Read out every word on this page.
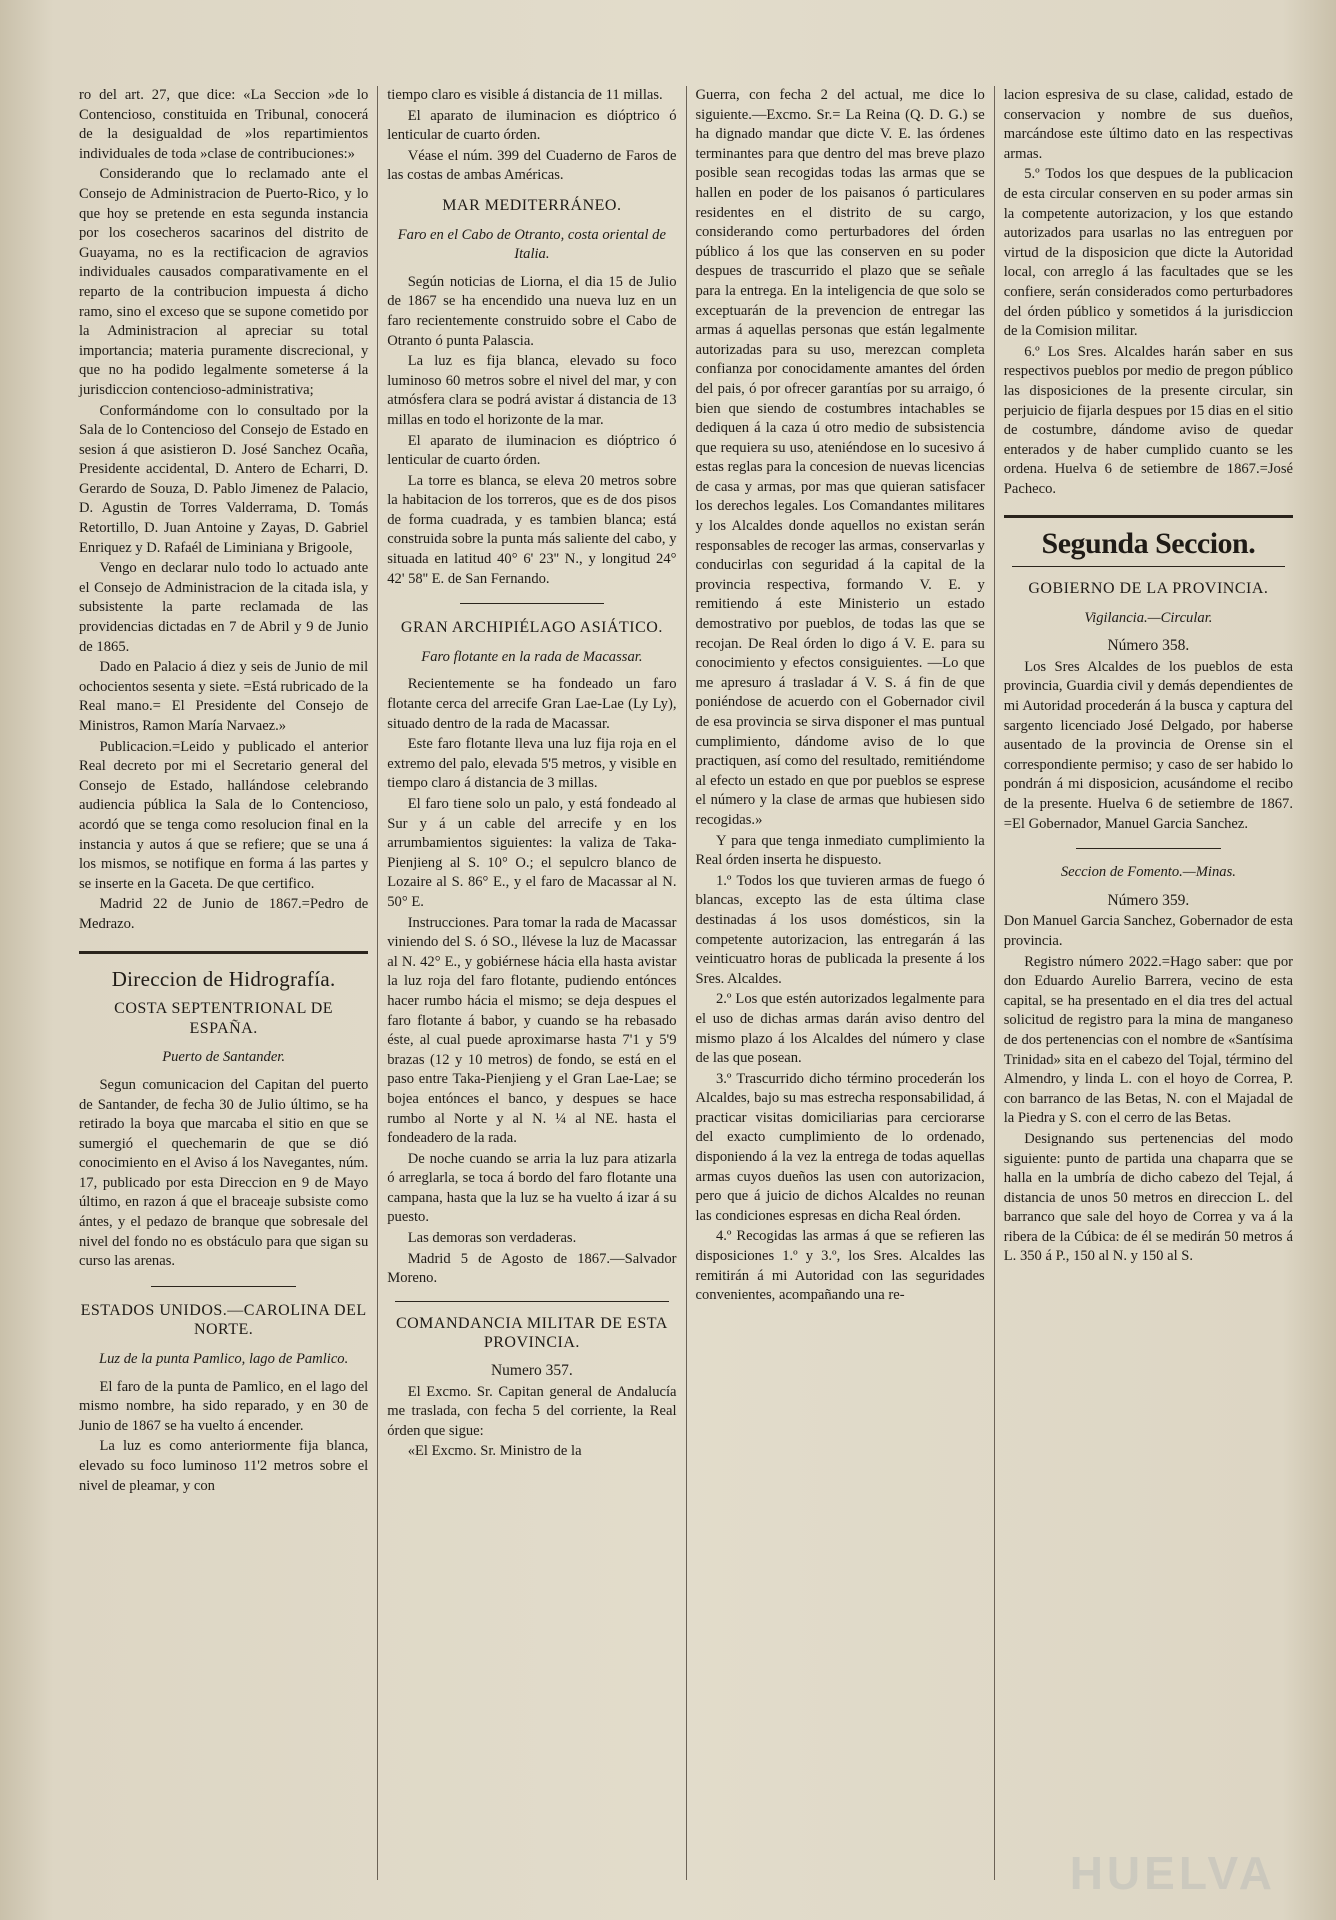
ro del art. 27, que dice: «La Seccion »de lo Contencioso, constituida en Tribunal, conocerá de la desigualdad de »los repartimientos individuales de toda »clase de contribuciones:»

Considerando que lo reclamado ante el Consejo de Administracion de Puerto-Rico, y lo que hoy se pretende en esta segunda instancia por los cosecheros sacarinos del distrito de Guayama, no es la rectificacion de agravios individuales causados comparativamente en el reparto de la contribucion impuesta á dicho ramo, sino el exceso que se supone cometido por la Administracion al apreciar su total importancia; materia puramente discrecional, y que no ha podido legalmente someterse á la jurisdiccion contencioso-administrativa;

Conformándome con lo consultado por la Sala de lo Contencioso del Consejo de Estado en sesion á que asistieron D. José Sanchez Ocaña, Presidente accidental, D. Antero de Echarri, D. Gerardo de Souza, D. Pablo Jimenez de Palacio, D. Agustin de Torres Valderrama, D. Tomás Retortillo, D. Juan Antoine y Zayas, D. Gabriel Enriquez y D. Rafaél de Liminiana y Brigoole,

Vengo en declarar nulo todo lo actuado ante el Consejo de Administracion de la citada isla, y subsistente la parte reclamada de las providencias dictadas en 7 de Abril y 9 de Junio de 1865.

Dado en Palacio á diez y seis de Junio de mil ochocientos sesenta y siete. =Está rubricado de la Real mano.= El Presidente del Consejo de Ministros, Ramon María Narvaez.»

Publicacion.=Leido y publicado el anterior Real decreto por mi el Secretario general del Consejo de Estado, hallándose celebrando audiencia pública la Sala de lo Contencioso, acordó que se tenga como resolucion final en la instancia y autos á que se refiere; que se una á los mismos, se notifique en forma á las partes y se inserte en la Gaceta. De que certifico.

Madrid 22 de Junio de 1867.=Pedro de Medrazo.

Direccion de Hidrografía.
COSTA SEPTENTRIONAL DE ESPAÑA.
Puerto de Santander.

Segun comunicacion del Capitan del puerto de Santander, de fecha 30 de Julio último, se ha retirado la boya que marcaba el sitio en que se sumergió el quechemarin de que se dió conocimiento en el Aviso á los Navegantes, núm. 17, publicado por esta Direccion en 9 de Mayo último, en razon á que el braceaje subsiste como ántes, y el pedazo de branque que sobresale del nivel del fondo no es obstáculo para que sigan su curso las arenas.

ESTADOS UNIDOS.—CAROLINA DEL NORTE.
Luz de la punta Pamlico, lago de Pamlico.

El faro de la punta de Pamlico, en el lago del mismo nombre, ha sido reparado, y en 30 de Junio de 1867 se ha vuelto á encender.

La luz es como anteriormente fija blanca, elevado su foco luminoso 11'2 metros sobre el nivel de pleamar, y con

tiempo claro es visible á distancia de 11 millas.

El aparato de iluminacion es dióptrico ó lenticular de cuarto órden.

Véase el núm. 399 del Cuaderno de Faros de las costas de ambas Américas.

MAR MEDITERRÁNEO.
Faro en el Cabo de Otranto, costa oriental de Italia.

Según noticias de Liorna, el dia 15 de Julio de 1867 se ha encendido una nueva luz en un faro recientemente construido sobre el Cabo de Otranto ó punta Palascia.

La luz es fija blanca, elevado su foco luminoso 60 metros sobre el nivel del mar, y con atmósfera clara se podrá avistar á distancia de 13 millas en todo el horizonte de la mar.

El aparato de iluminacion es dióptrico ó lenticular de cuarto órden.

La torre es blanca, se eleva 20 metros sobre la habitacion de los torreros, que es de dos pisos de forma cuadrada, y es tambien blanca; está construida sobre la punta más saliente del cabo, y situada en latitud 40° 6' 23'' N., y longitud 24° 42' 58'' E. de San Fernando.

GRAN ARCHIPIÉLAGO ASIÁTICO.
Faro flotante en la rada de Macassar.

Recientemente se ha fondeado un faro flotante cerca del arrecife Gran Lae-Lae (Ly Ly), situado dentro de la rada de Macassar.

Este faro flotante lleva una luz fija roja en el extremo del palo, elevada 5'5 metros, y visible en tiempo claro á distancia de 3 millas.

El faro tiene solo un palo, y está fondeado al Sur y á un cable del arrecife y en los arrumbamientos siguientes: la valiza de Taka-Pienjieng al S. 10° O.; el sepulcro blanco de Lozaire al S. 86° E., y el faro de Macassar al N. 50° E.

Instrucciones. Para tomar la rada de Macassar viniendo del S. ó SO., llévese la luz de Macassar al N. 42° E., y gobiérnese hácia ella hasta avistar la luz roja del faro flotante, pudiendo entónces hacer rumbo hácia el mismo; se deja despues el faro flotante á babor, y cuando se ha rebasado éste, al cual puede aproximarse hasta 7'1 y 5'9 brazas (12 y 10 metros) de fondo, se está en el paso entre Taka-Pienjieng y el Gran Lae-Lae; se bojea entónces el banco, y despues se hace rumbo al Norte y al N. ¼ al NE. hasta el fondeadero de la rada.

De noche cuando se arria la luz para atizarla ó arreglarla, se toca á bordo del faro flotante una campana, hasta que la luz se ha vuelto á izar á su puesto.

Las demoras son verdaderas.

Madrid 5 de Agosto de 1867.—Salvador Moreno.

COMANDANCIA MILITAR DE ESTA PROVINCIA.
Numero 357.

El Excmo. Sr. Capitan general de Andalucía me traslada, con fecha 5 del corriente, la Real órden que sigue:

«El Excmo. Sr. Ministro de la

Guerra, con fecha 2 del actual, me dice lo siguiente.—Excmo. Sr.= La Reina (Q. D. G.) se ha dignado mandar que dicte V. E. las órdenes terminantes para que dentro del mas breve plazo posible sean recogidas todas las armas que se hallen en poder de los paisanos ó particulares residentes en el distrito de su cargo, considerando como perturbadores del órden público á los que las conserven en su poder despues de trascurrido el plazo que se señale para la entrega. En la inteligencia de que solo se exceptuarán de la prevencion de entregar las armas á aquellas personas que están legalmente autorizadas para su uso, merezcan completa confianza por conocidamente amantes del órden del pais, ó por ofrecer garantías por su arraigo, ó bien que siendo de costumbres intachables se dediquen á la caza ú otro medio de subsistencia que requiera su uso, ateniéndose en lo sucesivo á estas reglas para la concesion de nuevas licencias de casa y armas, por mas que quieran satisfacer los derechos legales. Los Comandantes militares y los Alcaldes donde aquellos no existan serán responsables de recoger las armas, conservarlas y conducirlas con seguridad á la capital de la provincia respectiva, formando V. E. y remitiendo á este Ministerio un estado demostrativo por pueblos, de todas las que se recojan. De Real órden lo digo á V. E. para su conocimiento y efectos consiguientes. —Lo que me apresuro á trasladar á V. S. á fin de que poniéndose de acuerdo con el Gobernador civil de esa provincia se sirva disponer el mas puntual cumplimiento, dándome aviso de lo que practiquen, así como del resultado, remitiéndome al efecto un estado en que por pueblos se esprese el número y la clase de armas que hubiesen sido recogidas.»

Y para que tenga inmediato cumplimiento la Real órden inserta he dispuesto.

1.º Todos los que tuvieren armas de fuego ó blancas, excepto las de esta última clase destinadas á los usos domésticos, sin la competente autorizacion, las entregarán á las veinticuatro horas de publicada la presente á los Sres. Alcaldes.

2.º Los que estén autorizados legalmente para el uso de dichas armas darán aviso dentro del mismo plazo á los Alcaldes del número y clase de las que posean.

3.º Trascurrido dicho término procederán los Alcaldes, bajo su mas estrecha responsabilidad, á practicar visitas domiciliarias para cerciorarse del exacto cumplimiento de lo ordenado, disponiendo á la vez la entrega de todas aquellas armas cuyos dueños las usen con autorizacion, pero que á juicio de dichos Alcaldes no reunan las condiciones espresas en dicha Real órden.

4.º Recogidas las armas á que se refieren las disposiciones 1.º y 3.º, los Sres. Alcaldes las remitirán á mi Autoridad con las seguridades convenientes, acompañando una re-

lacion espresiva de su clase, calidad, estado de conservacion y nombre de sus dueños, marcándose este último dato en las respectivas armas.

5.º Todos los que despues de la publicacion de esta circular conserven en su poder armas sin la competente autorizacion, y los que estando autorizados para usarlas no las entreguen por virtud de la disposicion que dicte la Autoridad local, con arreglo á las facultades que se les confiere, serán considerados como perturbadores del órden público y sometidos á la jurisdiccion de la Comision militar.

6.º Los Sres. Alcaldes harán saber en sus respectivos pueblos por medio de pregon público las disposiciones de la presente circular, sin perjuicio de fijarla despues por 15 dias en el sitio de costumbre, dándome aviso de quedar enterados y de haber cumplido cuanto se les ordena. Huelva 6 de setiembre de 1867.=José Pacheco.

Segunda Seccion.
GOBIERNO DE LA PROVINCIA.
Vigilancia.—Circular.
Número 358.

Los Sres Alcaldes de los pueblos de esta provincia, Guardia civil y demás dependientes de mi Autoridad procederán á la busca y captura del sargento licenciado José Delgado, por haberse ausentado de la provincia de Orense sin el correspondiente permiso; y caso de ser habido lo pondrán á mi disposicion, acusándome el recibo de la presente. Huelva 6 de setiembre de 1867. =El Gobernador, Manuel Garcia Sanchez.

Seccion de Fomento.—Minas.
Número 359.

Don Manuel Garcia Sanchez, Gobernador de esta provincia.

Registro número 2022.=Hago saber: que por don Eduardo Aurelio Barrera, vecino de esta capital, se ha presentado en el dia tres del actual solicitud de registro para la mina de manganeso de dos pertenencias con el nombre de «Santísima Trinidad» sita en el cabezo del Tojal, término del Almendro, y linda L. con el hoyo de Correa, P. con barranco de las Betas, N. con el Majadal de la Piedra y S. con el cerro de las Betas.

Designando sus pertenencias del modo siguiente: punto de partida una chaparra que se halla en la umbría de dicho cabezo del Tejal, á distancia de unos 50 metros en direccion L. del barranco que sale del hoyo de Correa y va á la ribera de la Cúbica: de él se medirán 50 metros á L. 350 á P., 150 al N. y 150 al S.

HUELVA
